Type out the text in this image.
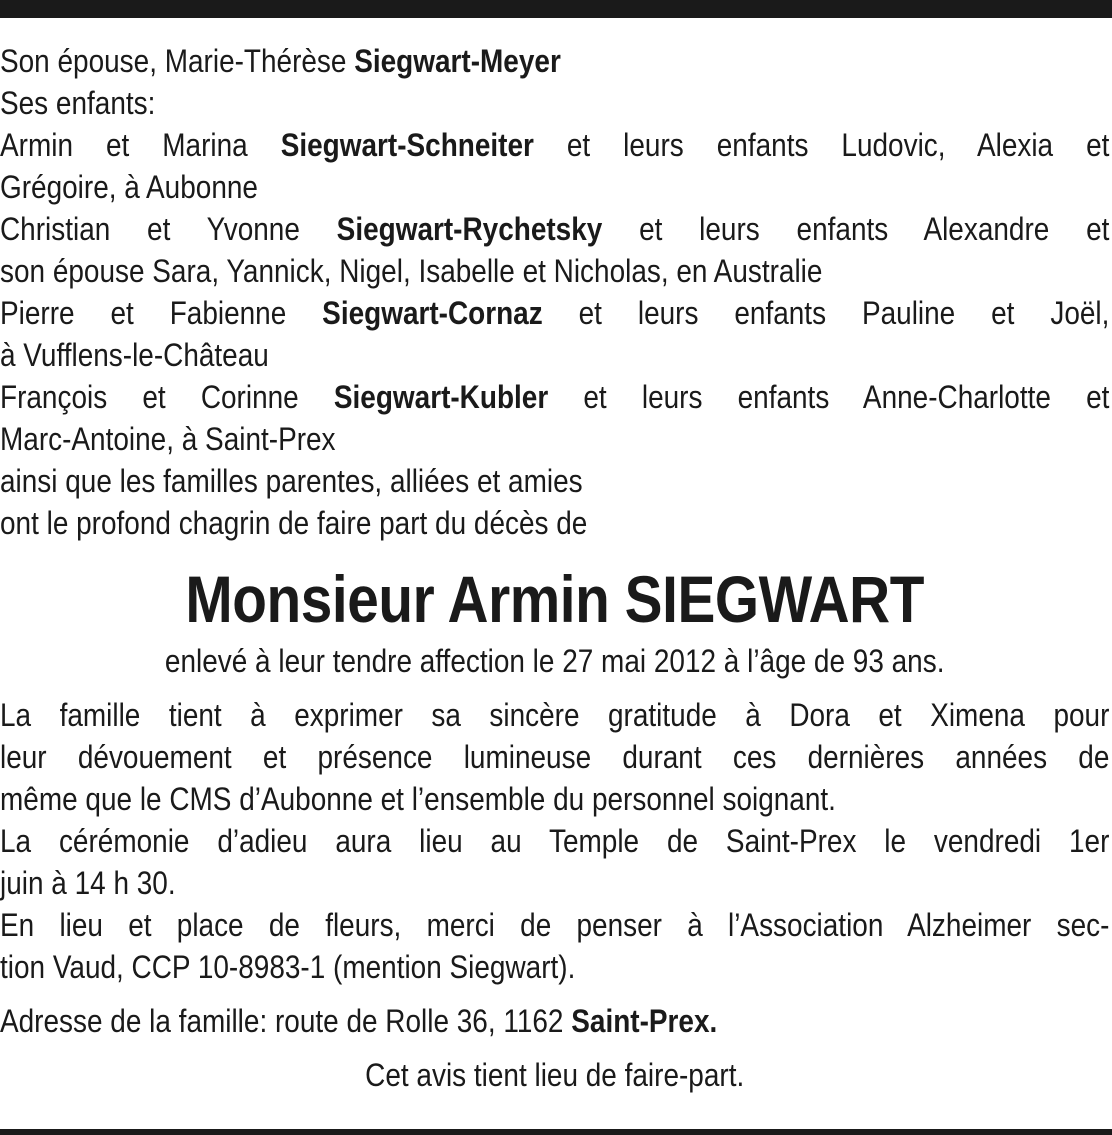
Son épouse, Marie-Thérèse Siegwart-Meyer
Ses enfants:
Armin et Marina Siegwart-Schneiter et leurs enfants Ludovic, Alexia et
Grégoire, à Aubonne
Christian et Yvonne Siegwart-Rychetsky et leurs enfants Alexandre et
son épouse Sara, Yannick, Nigel, Isabelle et Nicholas, en Australie
Pierre et Fabienne Siegwart-Cornaz et leurs enfants Pauline et Joël,
à Vufflens-le-Château
François et Corinne Siegwart-Kubler et leurs enfants Anne-Charlotte et
Marc-Antoine, à Saint-Prex
ainsi que les familles parentes, alliées et amies
ont le profond chagrin de faire part du décès de
Monsieur Armin SIEGWART
enlevé à leur tendre affection le 27 mai 2012 à l’âge de 93 ans.
La famille tient à exprimer sa sincère gratitude à Dora et Ximena pour
leur dévouement et présence lumineuse durant ces dernières années de
même que le CMS d’Aubonne et l’ensemble du personnel soignant.
La cérémonie d’adieu aura lieu au Temple de Saint-Prex le vendredi 1er
juin à 14 h 30.
En lieu et place de fleurs, merci de penser à l’Association Alzheimer sec-
tion Vaud, CCP 10-8983-1 (mention Siegwart).
Adresse de la famille: route de Rolle 36, 1162 Saint-Prex.
Cet avis tient lieu de faire-part.
